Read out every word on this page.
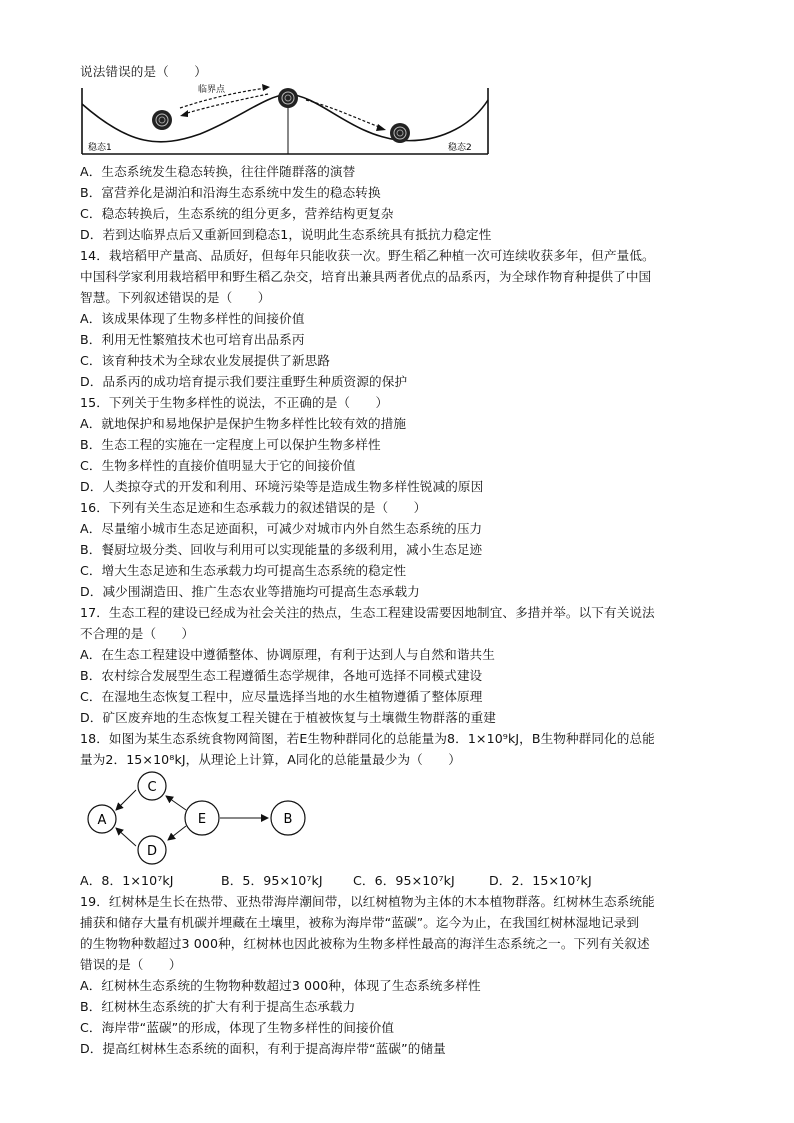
说法错误的是（　　）
临界点
稳态1	稳态2
A．生态系统发生稳态转换，往往伴随群落的演替
B．富营养化是湖泊和沿海生态系统中发生的稳态转换
C．稳态转换后，生态系统的组分更多，营养结构更复杂
D．若到达临界点后又重新回到稳态1，说明此生态系统具有抵抗力稳定性
14．栽培稻甲产量高、品质好，但每年只能收获一次。野生稻乙种植一次可连续收获多年，但产量低。
中国科学家利用栽培稻甲和野生稻乙杂交，培育出兼具两者优点的品系丙，为全球作物育种提供了中国
智慧。下列叙述错误的是（　　）
A．该成果体现了生物多样性的间接价值
B．利用无性繁殖技术也可培育出品系丙
C．该育种技术为全球农业发展提供了新思路
D．品系丙的成功培育提示我们要注重野生种质资源的保护
15．下列关于生物多样性的说法，不正确的是（　　）
A．就地保护和易地保护是保护生物多样性比较有效的措施
B．生态工程的实施在一定程度上可以保护生物多样性
C．生物多样性的直接价值明显大于它的间接价值
D．人类掠夺式的开发和利用、环境污染等是造成生物多样性锐减的原因
16．下列有关生态足迹和生态承载力的叙述错误的是（　　）
A．尽量缩小城市生态足迹面积，可减少对城市内外自然生态系统的压力
B．餐厨垃圾分类、回收与利用可以实现能量的多级利用，减小生态足迹
C．增大生态足迹和生态承载力均可提高生态系统的稳定性
D．减少围湖造田、推广生态农业等措施均可提高生态承载力
17．生态工程的建设已经成为社会关注的热点，生态工程建设需要因地制宜、多措并举。以下有关说法
不合理的是（　　）
A．在生态工程建设中遵循整体、协调原理，有利于达到人与自然和谐共生
B．农村综合发展型生态工程遵循生态学规律，各地可选择不同模式建设
C．在湿地生态恢复工程中，应尽量选择当地的水生植物遵循了整体原理
D．矿区废弃地的生态恢复工程关键在于植被恢复与土壤微生物群落的重建
18．如图为某生态系统食物网简图，若E生物种群同化的总能量为8．1×10⁹kJ，B生物种群同化的总能
量为2．15×10⁸kJ，从理论上计算，A同化的总能量最少为（　　）
C
A	E	B
D
A．8．1×10⁷kJ	B．5．95×10⁷kJ	C．6．95×10⁷kJ	D．2．15×10⁷kJ
19．红树林是生长在热带、亚热带海岸潮间带，以红树植物为主体的木本植物群落。红树林生态系统能
捕获和储存大量有机碳并埋藏在土壤里，被称为海岸带“蓝碳”。迄今为止，在我国红树林湿地记录到
的生物物种数超过3 000种，红树林也因此被称为生物多样性最高的海洋生态系统之一。下列有关叙述
错误的是（　　）
A．红树林生态系统的生物物种数超过3 000种，体现了生态系统多样性
B．红树林生态系统的扩大有利于提高生态承载力
C．海岸带“蓝碳”的形成，体现了生物多样性的间接价值
D．提高红树林生态系统的面积，有利于提高海岸带“蓝碳”的储量
